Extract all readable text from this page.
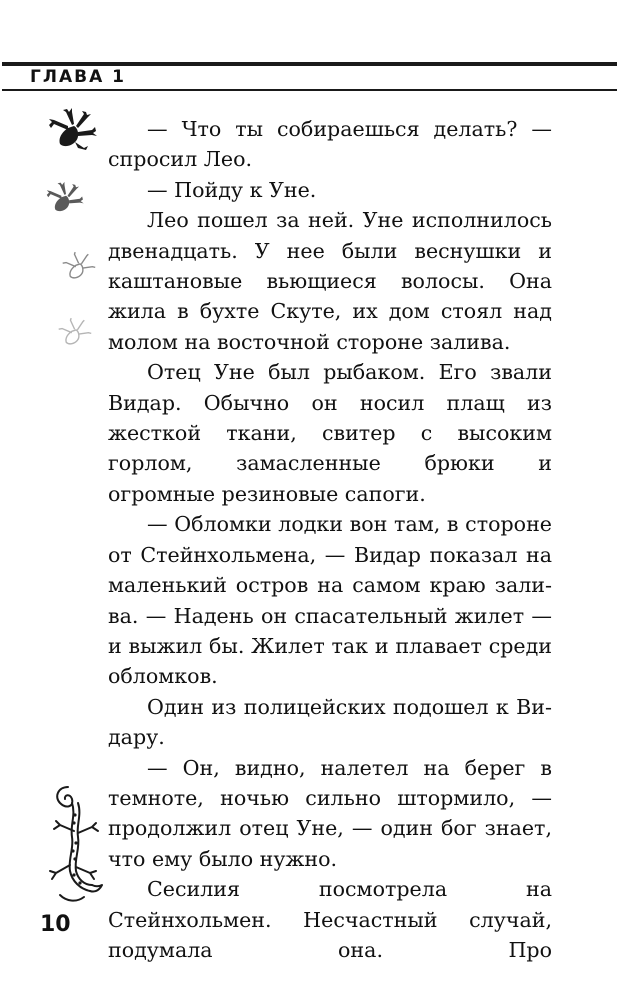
ГЛАВА 1

— Что ты собираешься делать? — спросил Лео.

— Пойду к Уне.

Лео пошел за ней. Уне исполнилось двенадцать. У нее были веснушки и каштановые вьющиеся волосы. Она жила в бухте Скуте, их дом стоял над молом на восточной стороне залива.

Отец Уне был рыбаком. Его звали Видар. Обычно он носил плащ из жесткой ткани, свитер с высоким горлом, замасленные брюки и огромные резиновые сапоги.

— Обломки лодки вон там, в стороне от Стейнхольмена, — Видар показал на маленький остров на самом краю залива. — Надень он спасательный жилет — и выжил бы. Жилет так и плавает среди обломков.

Один из полицейских подошел к Видару.

— Он, видно, налетел на берег в темноте, ночью сильно штормило, — продолжил отец Уне, — один бог знает, что ему было нужно.

Сесилия посмотрела на Стейнхольмен. Несчастный случай, подумала она. Про

10
